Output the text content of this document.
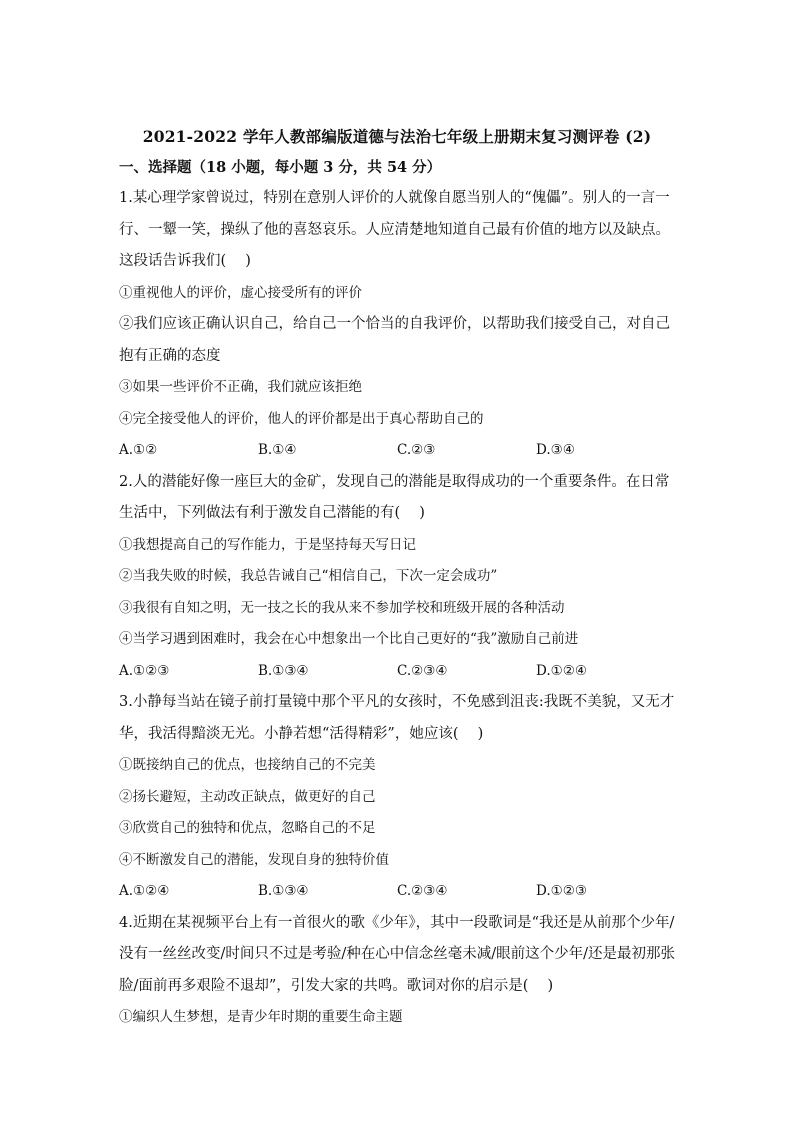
2021-2022 学年人教部编版道德与法治七年级上册期末复习测评卷 (2)
一、选择题（18 小题，每小题 3 分，共 54 分）

1.某心理学家曾说过，特别在意别人评价的人就像自愿当别人的“傀儡”。别人的一言一行、一颦一笑，操纵了他的喜怒哀乐。人应清楚地知道自己最有价值的地方以及缺点。这段话告诉我们(　 )

①重视他人的评价，虚心接受所有的评价

②我们应该正确认识自己，给自己一个恰当的自我评价，以帮助我们接受自己，对自己抱有正确的态度

③如果一些评价不正确，我们就应该拒绝

④完全接受他人的评价，他人的评价都是出于真心帮助自己的

A.①②	B.①④	C.②③	D.③④

2.人的潜能好像一座巨大的金矿，发现自己的潜能是取得成功的一个重要条件。在日常生活中，下列做法有利于激发自己潜能的有(　 )

①我想提高自己的写作能力，于是坚持每天写日记

②当我失败的时候，我总告诫自己“相信自己，下次一定会成功”

③我很有自知之明，无一技之长的我从来不参加学校和班级开展的各种活动

④当学习遇到困难时，我会在心中想象出一个比自己更好的“我”激励自己前进

A.①②③	B.①③④	C.②③④	D.①②④

3.小静每当站在镜子前打量镜中那个平凡的女孩时，不免感到沮丧:我既不美貌，又无才华，我活得黯淡无光。小静若想“活得精彩”，她应该(　 )

①既接纳自己的优点，也接纳自己的不完美

②扬长避短，主动改正缺点，做更好的自己

③欣赏自己的独特和优点，忽略自己的不足

④不断激发自己的潜能，发现自身的独特价值

A.①②④	B.①③④	C.②③④	D.①②③

4.近期在某视频平台上有一首很火的歌《少年》，其中一段歌词是“我还是从前那个少年/没有一丝丝改变/时间只不过是考验/种在心中信念丝毫未减/眼前这个少年/还是最初那张脸/面前再多艰险不退却”，引发大家的共鸣。歌词对你的启示是(　 )

①编织人生梦想，是青少年时期的重要生命主题
